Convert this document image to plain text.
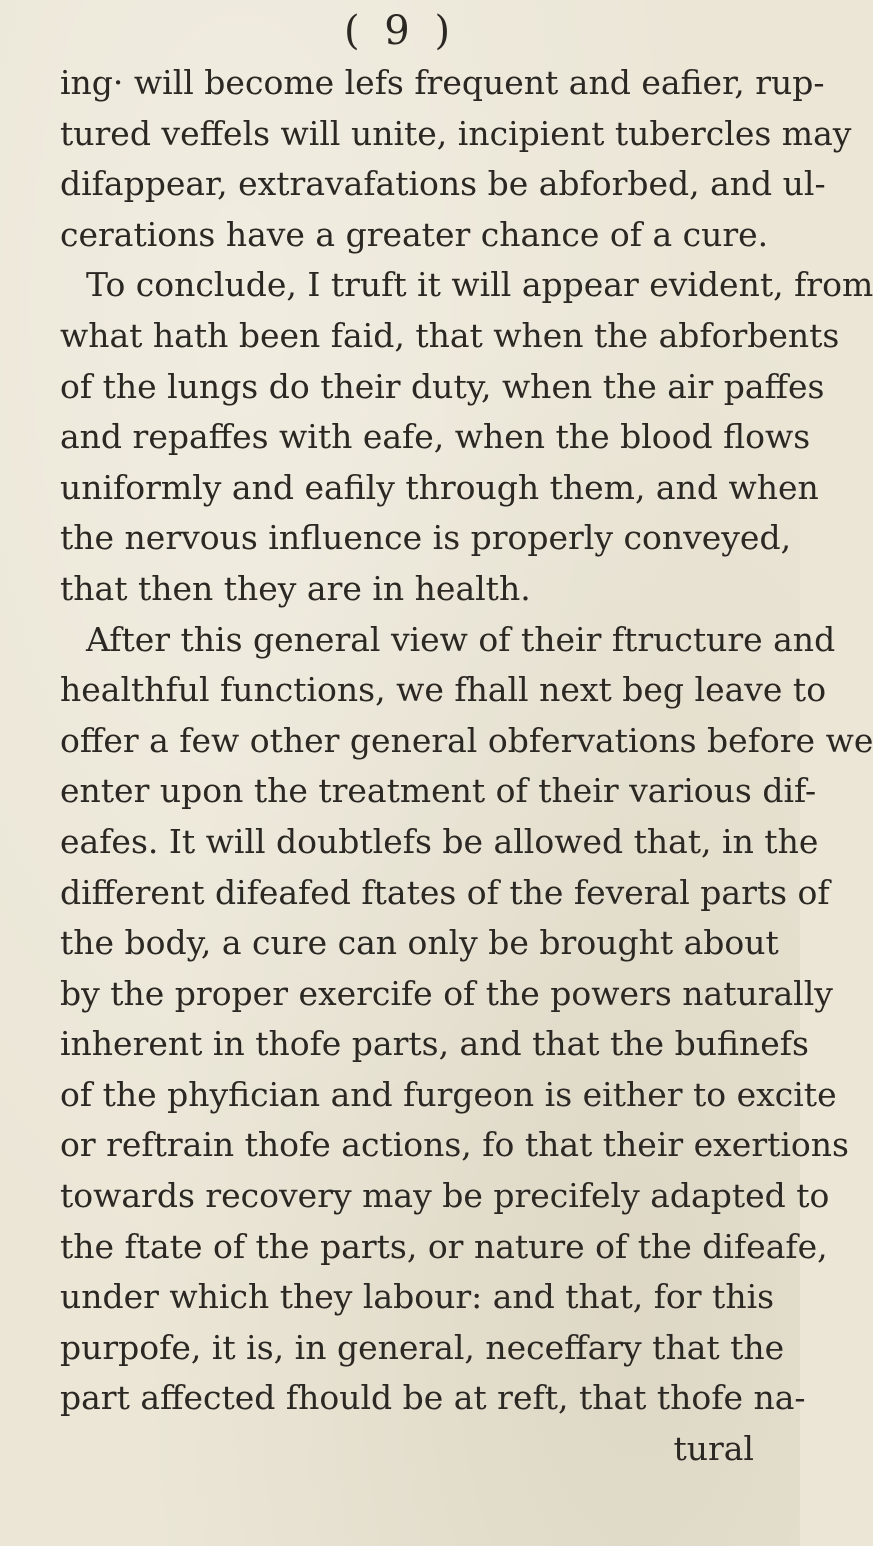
( 9 )
ing· will become lefs frequent and eafier, rup-
tured veffels will unite, incipient tubercles may
difappear, extravafations be abforbed, and ul-
cerations have a greater chance of a cure.
To conclude, I truft it will appear evident, from
what hath been faid, that when the abforbents
of the lungs do their duty, when the air paffes
and repaffes with eafe, when the blood flows
uniformly and eafily through them, and when
the nervous influence is properly conveyed,
that then they are in health.
After this general view of their ftructure and
healthful functions, we fhall next beg leave to
offer a few other general obfervations before we
enter upon the treatment of their various dif-
eafes. It will doubtlefs be allowed that, in the
different difeafed ftates of the feveral parts of
the body, a cure can only be brought about
by the proper exercife of the powers naturally
inherent in thofe parts, and that the bufinefs
of the phyfician and furgeon is either to excite
or reftrain thofe actions, fo that their exertions
towards recovery may be precifely adapted to
the ftate of the parts, or nature of the difeafe,
under which they labour: and that, for this
purpofe, it is, in general, neceffary that the
part affected fhould be at reft, that thofe na-
tural
